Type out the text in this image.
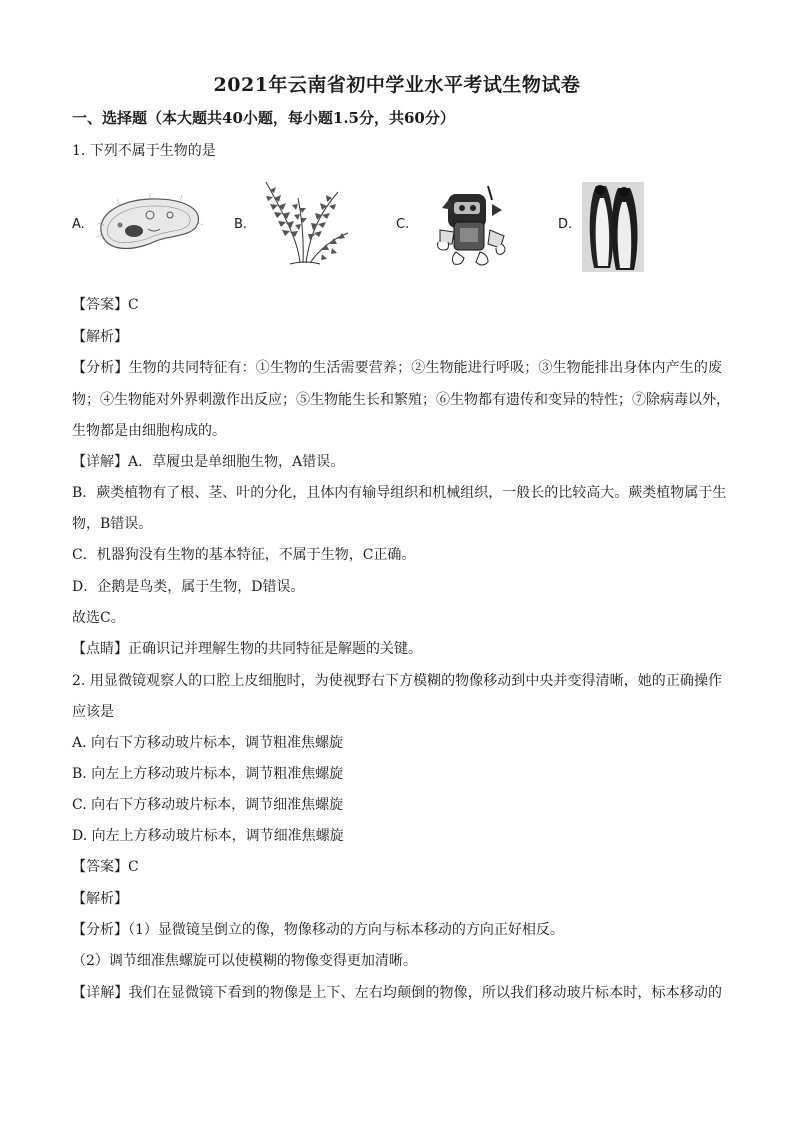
2021年云南省初中学业水平考试生物试卷
一、选择题（本大题共40小题，每小题1.5分，共60分）
1. 下列不属于生物的是
A.	B.	C.	D.
【答案】C
【解析】
【分析】生物的共同特征有：①生物的生活需要营养；②生物能进行呼吸；③生物能排出身体内产生的废
物；④生物能对外界刺激作出反应；⑤生物能生长和繁殖；⑥生物都有遗传和变异的特性；⑦除病毒以外，
生物都是由细胞构成的。
【详解】A．草履虫是单细胞生物，A错误。
B．蕨类植物有了根、茎、叶的分化，且体内有输导组织和机械组织，一般长的比较高大。蕨类植物属于生
物，B错误。
C．机器狗没有生物的基本特征，不属于生物，C正确。
D．企鹅是鸟类，属于生物，D错误。
故选C。
【点睛】正确识记并理解生物的共同特征是解题的关键。
2. 用显微镜观察人的口腔上皮细胞时，为使视野右下方模糊的物像移动到中央并变得清晰，她的正确操作
应该是
A. 向右下方移动玻片标本，调节粗准焦螺旋
B. 向左上方移动玻片标本，调节粗准焦螺旋
C. 向右下方移动玻片标本，调节细准焦螺旋
D. 向左上方移动玻片标本，调节细准焦螺旋
【答案】C
【解析】
【分析】（1）显微镜呈倒立的像，物像移动的方向与标本移动的方向正好相反。
（2）调节细准焦螺旋可以使模糊的物像变得更加清晰。
【详解】我们在显微镜下看到的物像是上下、左右均颠倒的物像，所以我们移动玻片标本时，标本移动的
